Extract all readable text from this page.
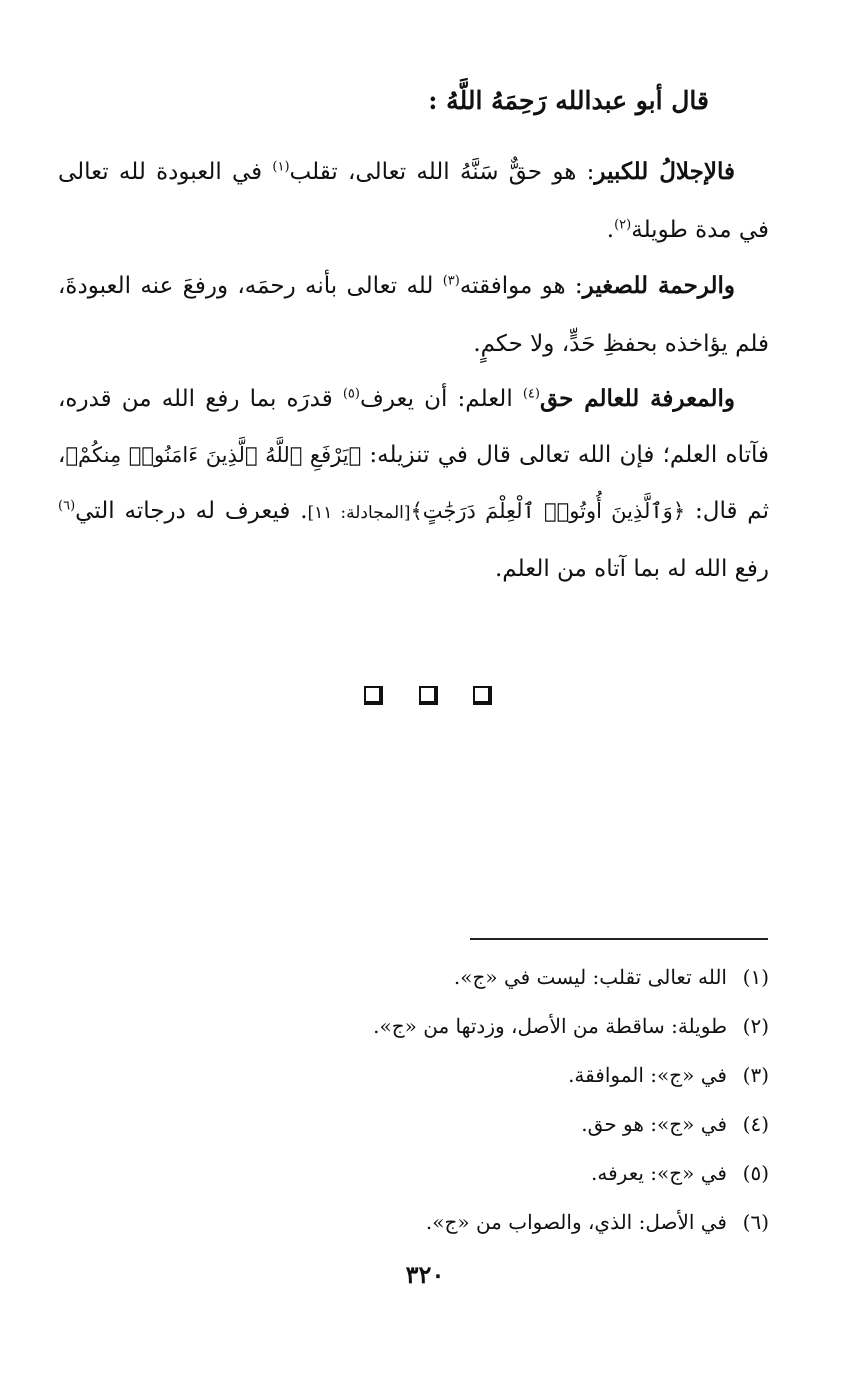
قال أبو عبدالله رَحِمَهُ اللَّهُ :

فالإجلالُ للكبير: هو حقٌّ سَنَّهُ الله تعالى، تقلب$^{(١)}$ في العبودة لله تعالى في مدة طويلة$^{(٢)}$.

والرحمة للصغير: هو موافقته$^{(٣)}$ لله تعالى بأنه رحمَه، ورفعَ عنه العبودةَ، فلم يؤاخذه بحفظِ حَدٍّ، ولا حكمٍ.

والمعرفة للعالم حق$^{(٤)}$ العلم: أن يعرف$^{(٥)}$ قدرَه بما رفع الله من قدره، فآتاه العلم؛ فإن الله تعالى قال في تنزيله: ﴿يَرْفَعِ ٱللَّهُ ٱلَّذِينَ ءَامَنُوا۟ مِنكُمْ﴾، ثم قال: ﴿وَٱلَّذِينَ أُوتُوا۟ ٱلْعِلْمَ دَرَجَٰتٍ﴾[المجادلة: ١١]. فيعرف له درجاته التي$^{(٦)}$ رفع الله له بما آتاه من العلم.

(١)
الله تعالى تقلب: ليست في «ج».
(٢)
طويلة: ساقطة من الأصل، وزدتها من «ج».
(٣)
في «ج»: الموافقة.
(٤)
في «ج»: هو حق.
(٥)
في «ج»: يعرفه.
(٦)
في الأصل: الذي، والصواب من «ج».
٣٢٠
